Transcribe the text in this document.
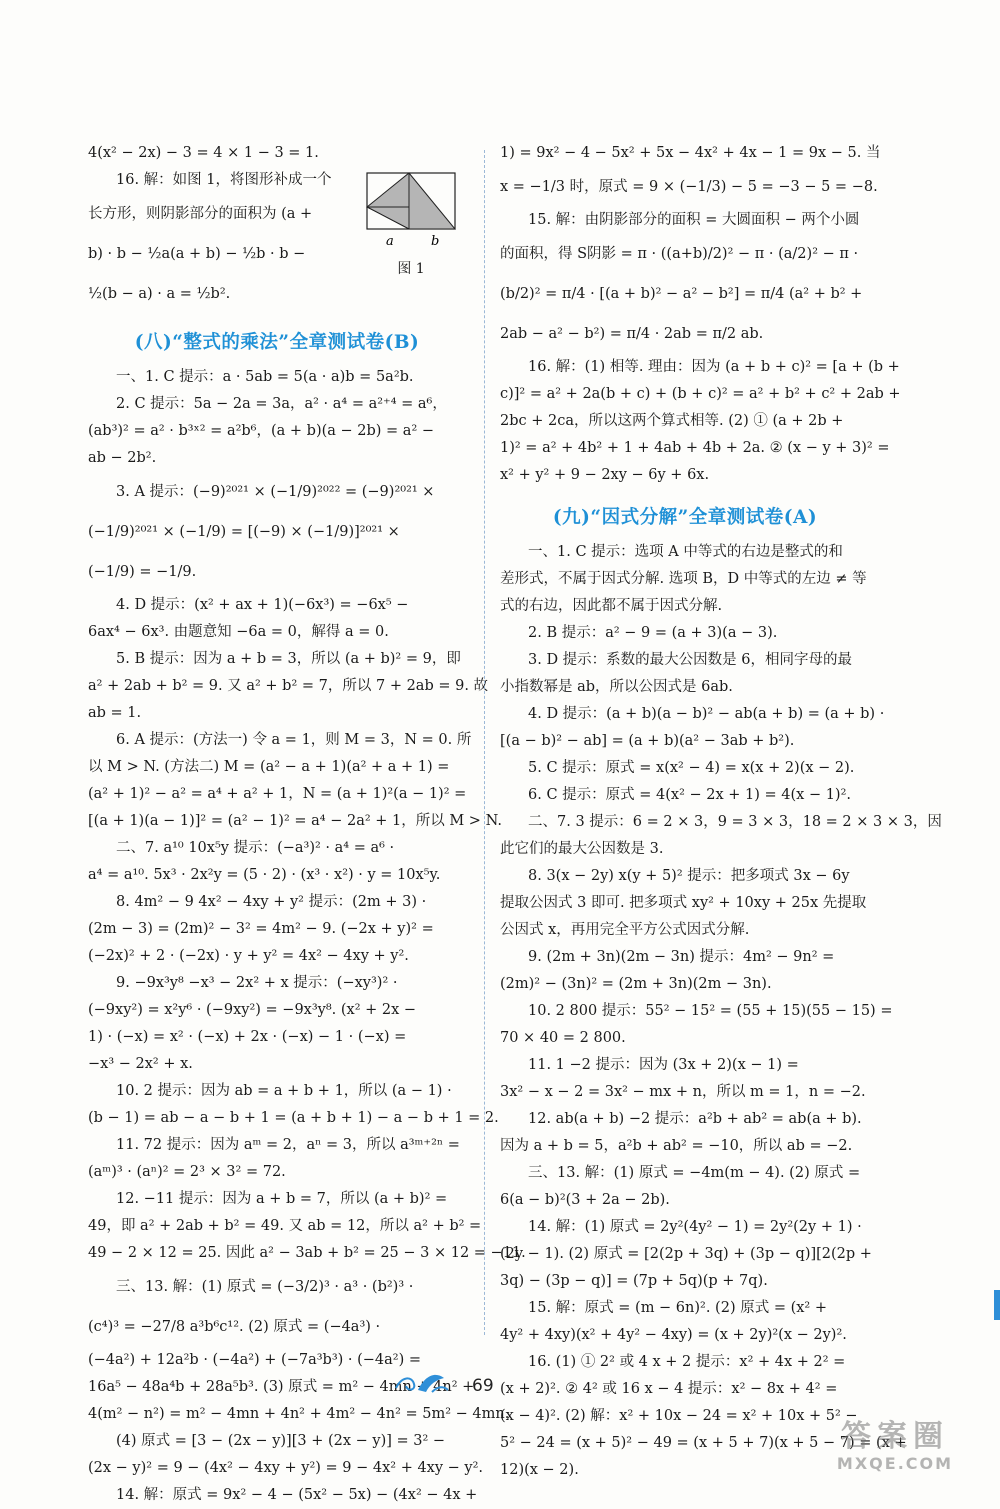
4(x² − 2x) − 3 = 4 × 1 − 3 = 1.
16. 解：如图 1，将图形补成一个
长方形，则阴影部分的面积为 (a +
b) · b − ½a(a + b) − ½b · b −
½(b − a) · a = ½b².
a	b
图 1
(八)“整式的乘法”全章测试卷(B)
一、1. C 提示：a · 5ab = 5(a · a)b = 5a²b.
2. C 提示：5a − 2a = 3a，a² · a⁴ = a²⁺⁴ = a⁶，
(ab³)² = a² · b³ˣ² = a²b⁶，(a + b)(a − 2b) = a² −
ab − 2b².
3. A 提示：(−9)²⁰²¹ × (−1/9)²⁰²² = (−9)²⁰²¹ ×
(−1/9)²⁰²¹ × (−1/9) = [(−9) × (−1/9)]²⁰²¹ ×
(−1/9) = −1/9.
4. D 提示：(x² + ax + 1)(−6x³) = −6x⁵ −
6ax⁴ − 6x³. 由题意知 −6a = 0，解得 a = 0.
5. B 提示：因为 a + b = 3，所以 (a + b)² = 9，即
a² + 2ab + b² = 9. 又 a² + b² = 7，所以 7 + 2ab = 9. 故
ab = 1.
6. A 提示：(方法一) 令 a = 1，则 M = 3，N = 0. 所
以 M > N. (方法二) M = (a² − a + 1)(a² + a + 1) =
(a² + 1)² − a² = a⁴ + a² + 1，N = (a + 1)²(a − 1)² =
[(a + 1)(a − 1)]² = (a² − 1)² = a⁴ − 2a² + 1，所以 M > N.
二、7. a¹⁰ 10x⁵y 提示：(−a³)² · a⁴ = a⁶ ·
a⁴ = a¹⁰. 5x³ · 2x²y = (5 · 2) · (x³ · x²) · y = 10x⁵y.
8. 4m² − 9 4x² − 4xy + y² 提示：(2m + 3) ·
(2m − 3) = (2m)² − 3² = 4m² − 9. (−2x + y)² =
(−2x)² + 2 · (−2x) · y + y² = 4x² − 4xy + y².
9. −9x³y⁸ −x³ − 2x² + x 提示：(−xy³)² ·
(−9xy²) = x²y⁶ · (−9xy²) = −9x³y⁸. (x² + 2x −
1) · (−x) = x² · (−x) + 2x · (−x) − 1 · (−x) =
−x³ − 2x² + x.
10. 2 提示：因为 ab = a + b + 1，所以 (a − 1) ·
(b − 1) = ab − a − b + 1 = (a + b + 1) − a − b + 1 = 2.
11. 72 提示：因为 aᵐ = 2，aⁿ = 3，所以 a³ᵐ⁺²ⁿ =
(aᵐ)³ · (aⁿ)² = 2³ × 3² = 72.
12. −11 提示：因为 a + b = 7，所以 (a + b)² =
49，即 a² + 2ab + b² = 49. 又 ab = 12，所以 a² + b² =
49 − 2 × 12 = 25. 因此 a² − 3ab + b² = 25 − 3 × 12 = −11.
三、13. 解：(1) 原式 = (−3/2)³ · a³ · (b²)³ ·
(c⁴)³ = −27/8 a³b⁶c¹². (2) 原式 = (−4a³) ·
(−4a²) + 12a²b · (−4a²) + (−7a³b³) · (−4a²) =
16a⁵ − 48a⁴b + 28a⁵b³. (3) 原式 = m² − 4mn + 4n² +
4(m² − n²) = m² − 4mn + 4n² + 4m² − 4n² = 5m² − 4mn.
(4) 原式 = [3 − (2x − y)][3 + (2x − y)] = 3² −
(2x − y)² = 9 − (4x² − 4xy + y²) = 9 − 4x² + 4xy − y².
14. 解：原式 = 9x² − 4 − (5x² − 5x) − (4x² − 4x +
1) = 9x² − 4 − 5x² + 5x − 4x² + 4x − 1 = 9x − 5. 当
x = −1/3 时，原式 = 9 × (−1/3) − 5 = −3 − 5 = −8.
15. 解：由阴影部分的面积 = 大圆面积 − 两个小圆
的面积，得 S阴影 = π · ((a+b)/2)² − π · (a/2)² − π ·
(b/2)² = π/4 · [(a + b)² − a² − b²] = π/4 (a² + b² +
2ab − a² − b²) = π/4 · 2ab = π/2 ab.
16. 解：(1) 相等. 理由：因为 (a + b + c)² = [a + (b +
c)]² = a² + 2a(b + c) + (b + c)² = a² + b² + c² + 2ab +
2bc + 2ca，所以这两个算式相等. (2) ① (a + 2b +
1)² = a² + 4b² + 1 + 4ab + 4b + 2a. ② (x − y + 3)² =
x² + y² + 9 − 2xy − 6y + 6x.
(九)“因式分解”全章测试卷(A)
一、1. C 提示：选项 A 中等式的右边是整式的和
差形式，不属于因式分解. 选项 B，D 中等式的左边 ≠ 等
式的右边，因此都不属于因式分解.
2. B 提示：a² − 9 = (a + 3)(a − 3).
3. D 提示：系数的最大公因数是 6，相同字母的最
小指数幂是 ab，所以公因式是 6ab.
4. D 提示：(a + b)(a − b)² − ab(a + b) = (a + b) ·
[(a − b)² − ab] = (a + b)(a² − 3ab + b²).
5. C 提示：原式 = x(x² − 4) = x(x + 2)(x − 2).
6. C 提示：原式 = 4(x² − 2x + 1) = 4(x − 1)².
二、7. 3 提示：6 = 2 × 3，9 = 3 × 3，18 = 2 × 3 × 3，因
此它们的最大公因数是 3.
8. 3(x − 2y) x(y + 5)² 提示：把多项式 3x − 6y
提取公因式 3 即可. 把多项式 xy² + 10xy + 25x 先提取
公因式 x，再用完全平方公式因式分解.
9. (2m + 3n)(2m − 3n) 提示：4m² − 9n² =
(2m)² − (3n)² = (2m + 3n)(2m − 3n).
10. 2 800 提示：55² − 15² = (55 + 15)(55 − 15) =
70 × 40 = 2 800.
11. 1 −2 提示：因为 (3x + 2)(x − 1) =
3x² − x − 2 = 3x² − mx + n，所以 m = 1，n = −2.
12. ab(a + b) −2 提示：a²b + ab² = ab(a + b).
因为 a + b = 5，a²b + ab² = −10，所以 ab = −2.
三、13. 解：(1) 原式 = −4m(m − 4). (2) 原式 =
6(a − b)²(3 + 2a − 2b).
14. 解：(1) 原式 = 2y²(4y² − 1) = 2y²(2y + 1) ·
(2y − 1). (2) 原式 = [2(2p + 3q) + (3p − q)][2(2p +
3q) − (3p − q)] = (7p + 5q)(p + 7q).
15. 解：原式 = (m − 6n)². (2) 原式 = (x² +
4y² + 4xy)(x² + 4y² − 4xy) = (x + 2y)²(x − 2y)².
16. (1) ① 2² 或 4 x + 2 提示：x² + 4x + 2² =
(x + 2)². ② 4² 或 16 x − 4 提示：x² − 8x + 4² =
(x − 4)². (2) 解：x² + 10x − 24 = x² + 10x + 5² −
5² − 24 = (x + 5)² − 49 = (x + 5 + 7)(x + 5 − 7) = (x +
12)(x − 2).
69
答案圈
MXQE.COM
